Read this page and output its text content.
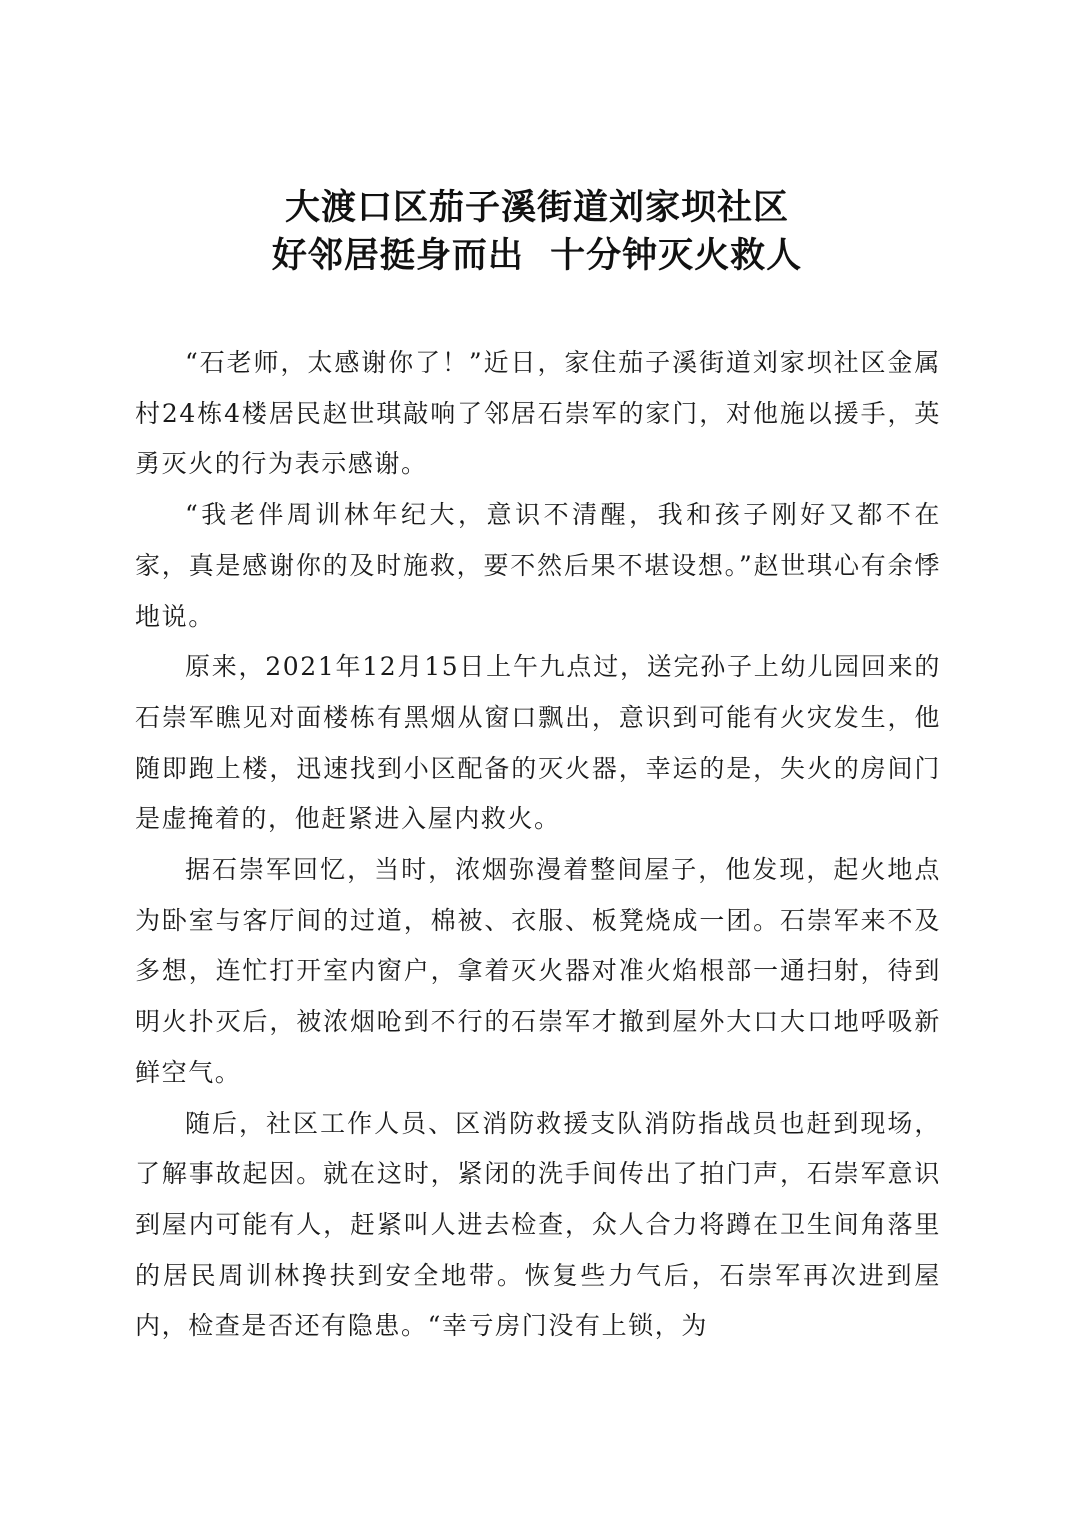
大渡口区茄子溪街道刘家坝社区
好邻居挺身而出  十分钟灭火救人

“石老师，太感谢你了！”近日，家住茄子溪街道刘家坝社区金属村24栋4楼居民赵世琪敲响了邻居石崇军的家门，对他施以援手，英勇灭火的行为表示感谢。

“我老伴周训林年纪大，意识不清醒，我和孩子刚好又都不在家，真是感谢你的及时施救，要不然后果不堪设想。”赵世琪心有余悸地说。

原来，2021年12月15日上午九点过，送完孙子上幼儿园回来的石崇军瞧见对面楼栋有黑烟从窗口飘出，意识到可能有火灾发生，他随即跑上楼，迅速找到小区配备的灭火器，幸运的是，失火的房间门是虚掩着的，他赶紧进入屋内救火。

据石崇军回忆，当时，浓烟弥漫着整间屋子，他发现，起火地点为卧室与客厅间的过道，棉被、衣服、板凳烧成一团。石崇军来不及多想，连忙打开室内窗户，拿着灭火器对准火焰根部一通扫射，待到明火扑灭后，被浓烟呛到不行的石崇军才撤到屋外大口大口地呼吸新鲜空气。

随后，社区工作人员、区消防救援支队消防指战员也赶到现场，了解事故起因。就在这时，紧闭的洗手间传出了拍门声，石崇军意识到屋内可能有人，赶紧叫人进去检查，众人合力将蹲在卫生间角落里的居民周训林搀扶到安全地带。恢复些力气后，石崇军再次进到屋内，检查是否还有隐患。“幸亏房门没有上锁，为
